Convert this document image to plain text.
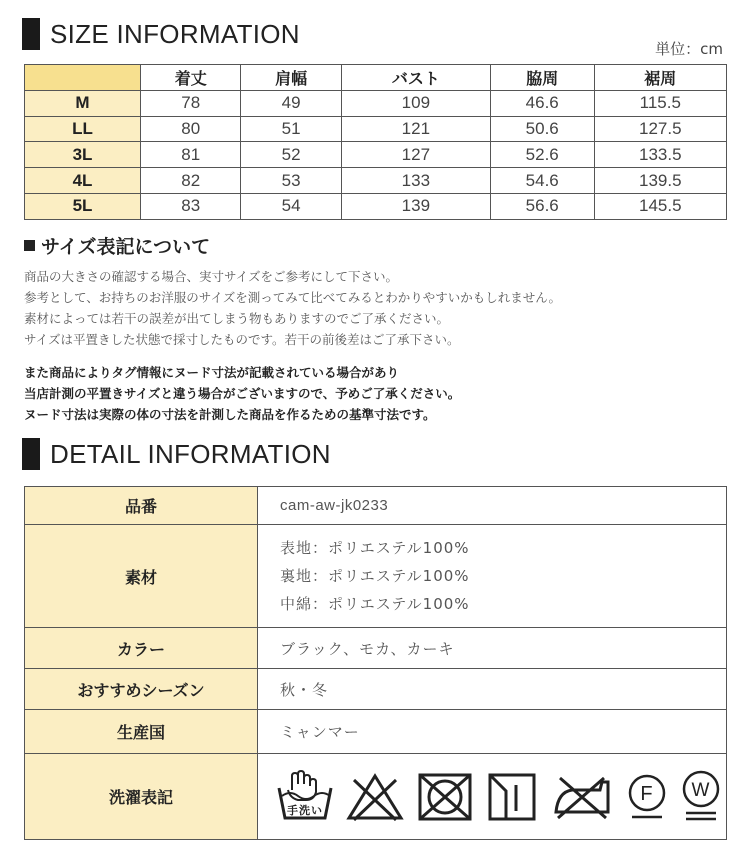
SIZE INFORMATION
単位：cm
	着丈	肩幅	バスト	脇周	裾周
M	78	49	109	46.6	115.5
LL	80	51	121	50.6	127.5
3L	81	52	127	52.6	133.5
4L	82	53	133	54.6	139.5
5L	83	54	139	56.6	145.5
サイズ表記について
商品の大きさの確認する場合、実寸サイズをご参考にして下さい。
参考として、お持ちのお洋服のサイズを測ってみて比べてみるとわかりやすいかもしれません。
素材によっては若干の誤差が出てしまう物もありますのでご了承ください。
サイズは平置きした状態で採寸したものです。若干の前後差はご了承下さい。
また商品によりタグ情報にヌード寸法が記載されている場合があり
当店計測の平置きサイズと違う場合がございますので、予めご了承ください。
ヌード寸法は実際の体の寸法を計測した商品を作るための基準寸法です。
DETAIL INFORMATION
品番	cam-aw-jk0233
素材	表地：ポリエステル100%
裏地：ポリエステル100%
中綿：ポリエステル100%

カラー	ブラック、モカ、カーキ
おすすめシーズン	秋・冬
生産国	ミャンマー
洗濯表記	手洗い
F W
